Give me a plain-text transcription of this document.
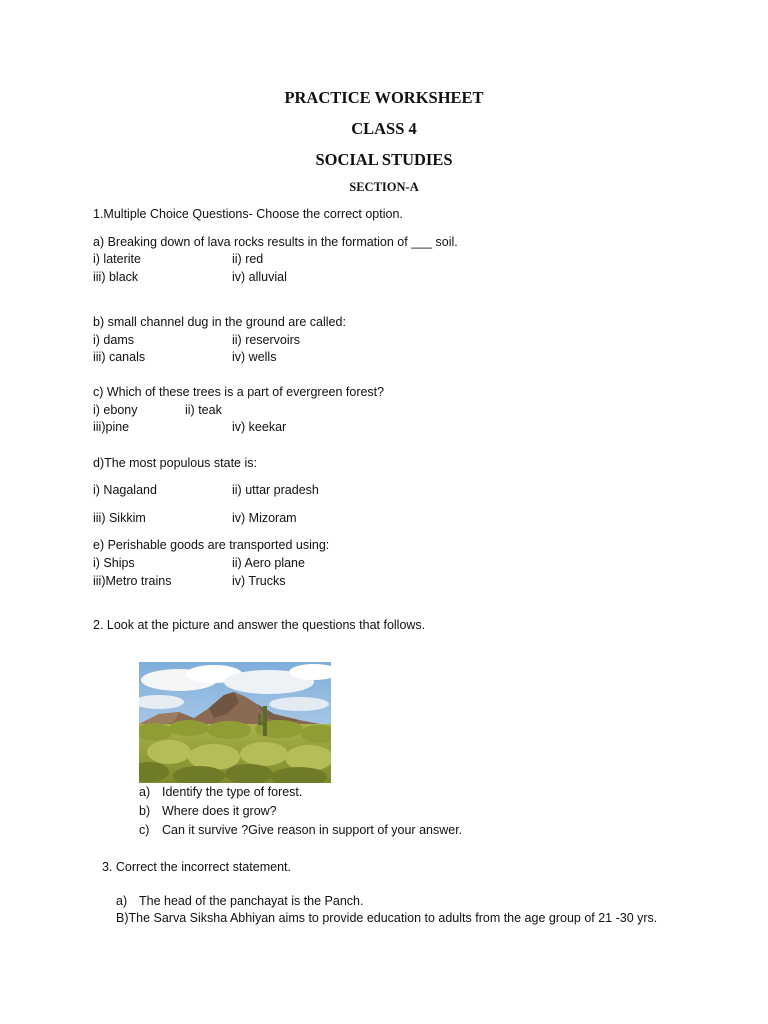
PRACTICE WORKSHEET
CLASS 4
SOCIAL STUDIES
SECTION-A
1.Multiple Choice Questions- Choose the correct option.
a) Breaking down of lava rocks results in the formation of ___ soil.
i) laterite	ii) red
iii) black	iv) alluvial
b) small channel dug in the ground are called:
i) dams	ii) reservoirs
iii) canals	iv) wells
c) Which of these trees is a part of evergreen forest?
i) ebony	ii) teak
iii)pine	iv) keekar
d)The most populous state is:
i) Nagaland	ii) uttar pradesh
iii) Sikkim	iv) Mizoram
e) Perishable goods are transported using:
i) Ships	ii) Aero plane
iii)Metro trains	iv) Trucks
2. Look at the picture and answer the questions that follows.
a) Identify the type of forest.
b) Where does it grow?
c) Can it survive ?Give reason in support of your answer.
3. Correct the incorrect statement.
a) The head of the panchayat is the Panch.
B)The Sarva Siksha Abhiyan aims to provide education to adults from the age group of 21 -30 yrs.
